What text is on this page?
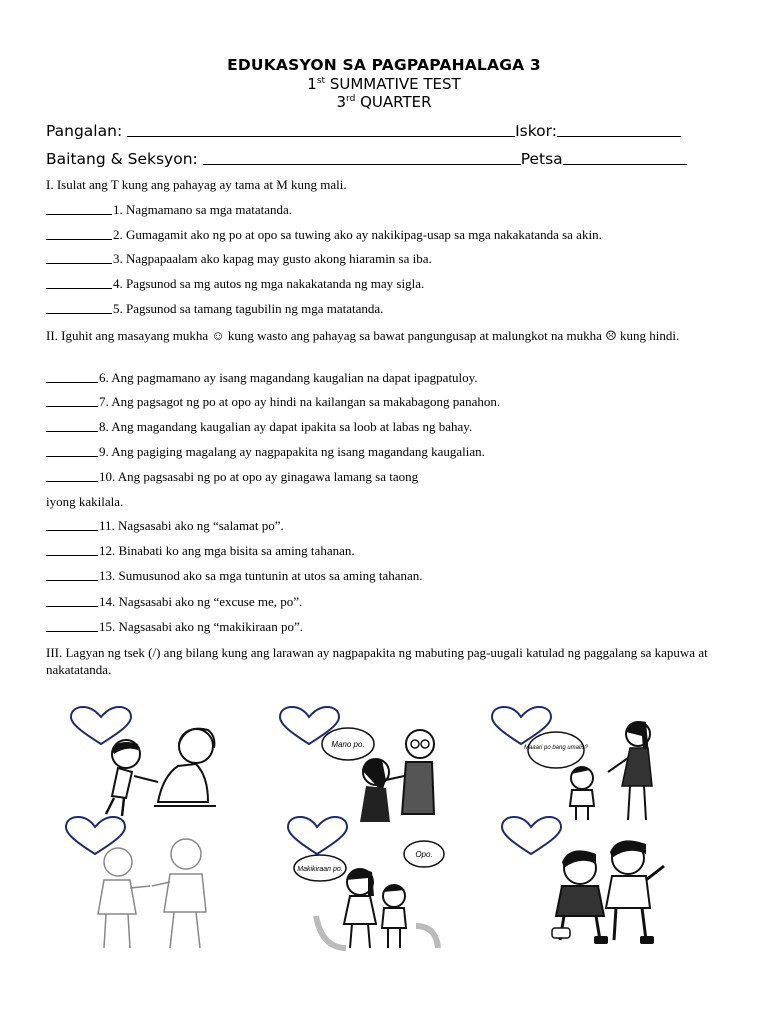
EDUKASYON SA PAGPAPAHALAGA 3
1st SUMMATIVE TEST
3rd QUARTER
Pangalan:	Iskor:
Baitang & Seksyon:	Petsa
I. Isulat ang T kung ang pahayag ay tama at M kung mali.
1. Nagmamano sa mga matatanda.
2. Gumagamit ako ng po at opo sa tuwing ako ay nakikipag-usap sa mga nakakatanda sa akin.
3. Nagpapaalam ako kapag may gusto akong hiaramin sa iba.
4. Pagsunod sa mg autos ng mga nakakatanda ng may sigla.
5. Pagsunod sa tamang tagubilin ng mga matatanda.
II. Iguhit ang masayang mukha ☺ kung wasto ang pahayag sa bawat pangungusap at malungkot na mukha ☹ kung hindi.
6. Ang pagmamano ay isang magandang kaugalian na dapat ipagpatuloy.
7. Ang pagsagot ng po at opo ay hindi na kailangan sa makabagong panahon.
8. Ang magandang kaugalian ay dapat ipakita sa loob at labas ng bahay.
9. Ang pagiging magalang ay nagpapakita ng isang magandang kaugalian.
10. Ang pagsasabi ng po at opo ay ginagawa lamang sa taong
iyong kakilala.
11. Nagsasabi ako ng “salamat po”.
12. Binabati ko ang mga bisita sa aming tahanan.
13. Sumusunod ako sa mga tuntunin at utos sa aming tahanan.
14. Nagsasabi ako ng “excuse me, po”.
15. Nagsasabi ako ng “makikiraan po”.
III. Lagyan ng tsek (/) ang bilang kung ang larawan ay nagpapakita ng mabuting pag-uugali katulad ng paggalang sa kapuwa at nakatatanda.
Mano po.	Maaari po bang umalis?
Makikiraan po.
Opo.
